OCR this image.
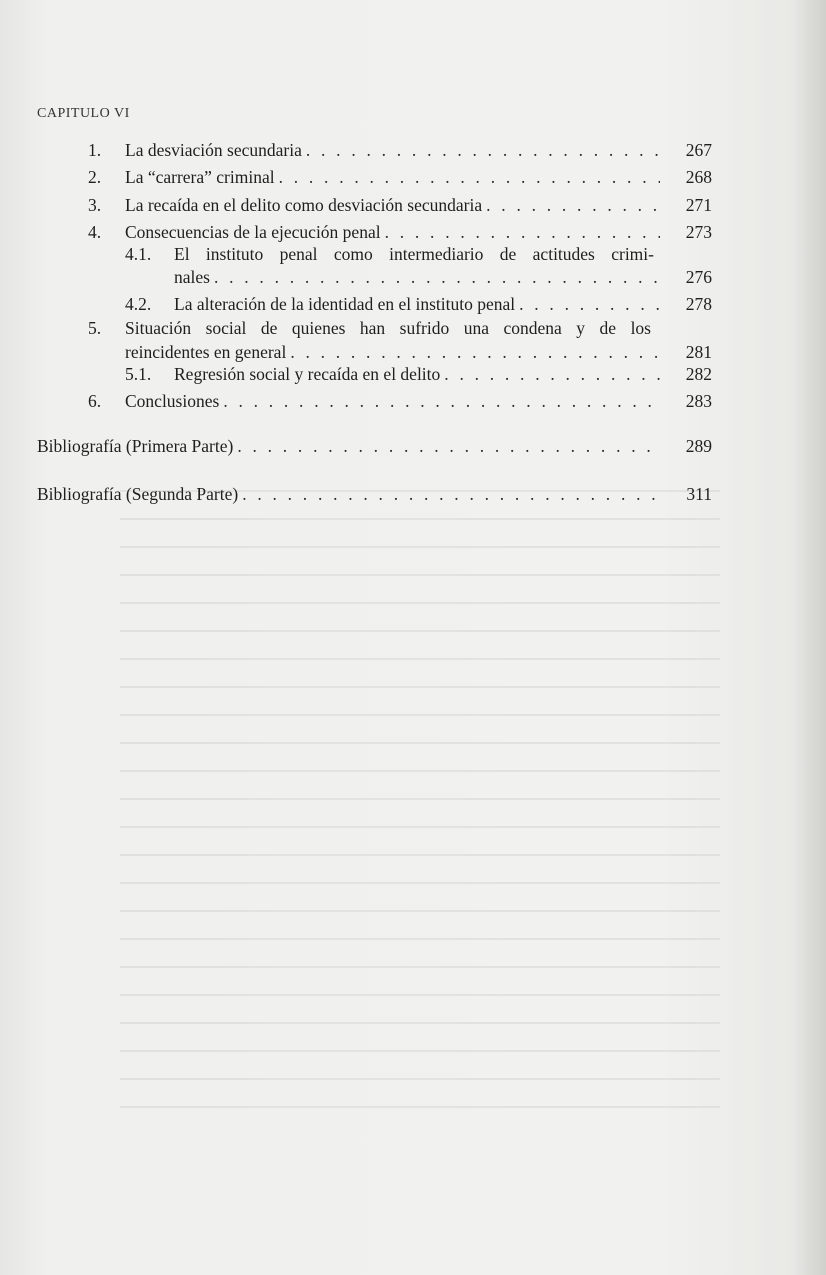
CAPITULO VI
1. La desviación secundaria . . .	267
2. La “carrera” criminal . . .	268
3. La recaída en el delito como desviación secundaria . . .	271
4. Consecuencias de la ejecución penal . . .	273
4.1. El instituto penal como intermediario de actitudes crimi-
nales . . .	276
4.2. La alteración de la identidad en el instituto penal . . .	278
5. Situación social de quienes han sufrido una condena y de los
reincidentes en general . . .	281
5.1. Regresión social y recaída en el delito . . .	282
6. Conclusiones . . .	283
Bibliografía (Primera Parte) . . .	289
Bibliografía (Segunda Parte) . . .	311
